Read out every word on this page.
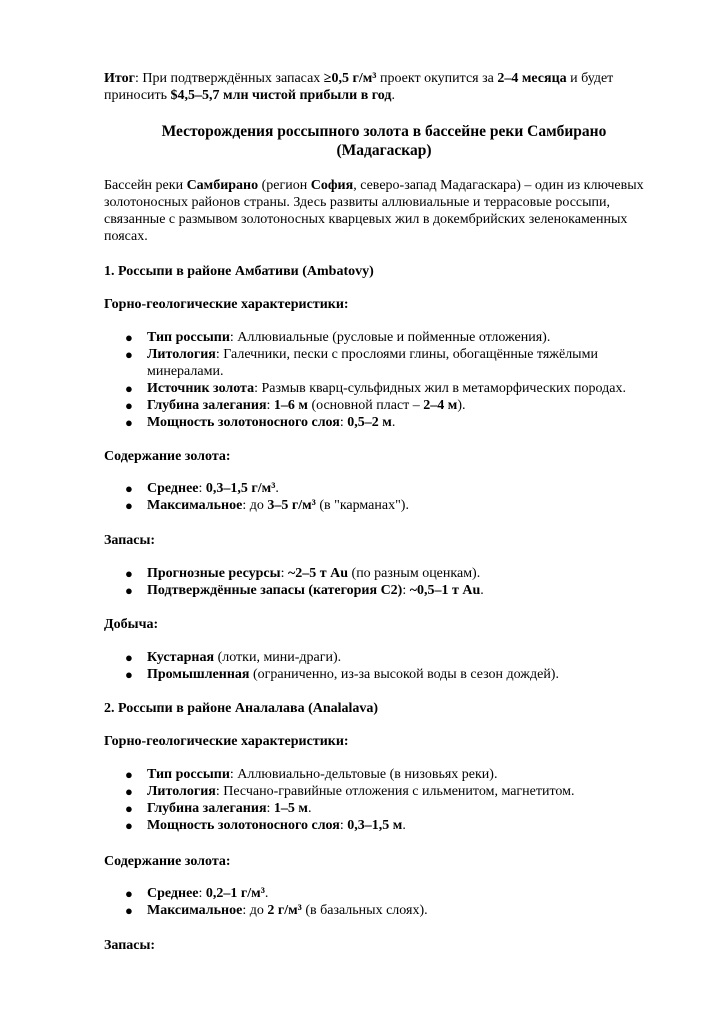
Итог: При подтверждённых запасах ≥0,5 г/м³ проект окупится за 2–4 месяца и будет приносить $4,5–5,7 млн чистой прибыли в год.

Месторождения россыпного золота в бассейне реки Самбирано
(Мадагаскар)

Бассейн реки Самбирано (регион София, северо-запад Мадагаскара) – один из ключевых золотоносных районов страны. Здесь развиты аллювиальные и террасовые россыпи, связанные с размывом золотоносных кварцевых жил в докембрийских зеленокаменных поясах.

1. Россыпи в районе Амбативи (Ambatovy)

Горно-геологические характеристики:

● Тип россыпи: Аллювиальные (русловые и пойменные отложения).
● Литология: Галечники, пески с прослоями глины, обогащённые тяжёлыми минералами.
● Источник золота: Размыв кварц-сульфидных жил в метаморфических породах.
● Глубина залегания: 1–6 м (основной пласт – 2–4 м).
● Мощность золотоносного слоя: 0,5–2 м.

Содержание золота:

● Среднее: 0,3–1,5 г/м³.
● Максимальное: до 3–5 г/м³ (в "карманах").

Запасы:

● Прогнозные ресурсы: ~2–5 т Au (по разным оценкам).
● Подтверждённые запасы (категория C2): ~0,5–1 т Au.

Добыча:

● Кустарная (лотки, мини-драги).
● Промышленная (ограниченно, из-за высокой воды в сезон дождей).

2. Россыпи в районе Аналалава (Analalava)

Горно-геологические характеристики:

● Тип россыпи: Аллювиально-дельтовые (в низовьях реки).
● Литология: Песчано-гравийные отложения с ильменитом, магнетитом.
● Глубина залегания: 1–5 м.
● Мощность золотоносного слоя: 0,3–1,5 м.

Содержание золота:

● Среднее: 0,2–1 г/м³.
● Максимальное: до 2 г/м³ (в базальных слоях).

Запасы:
